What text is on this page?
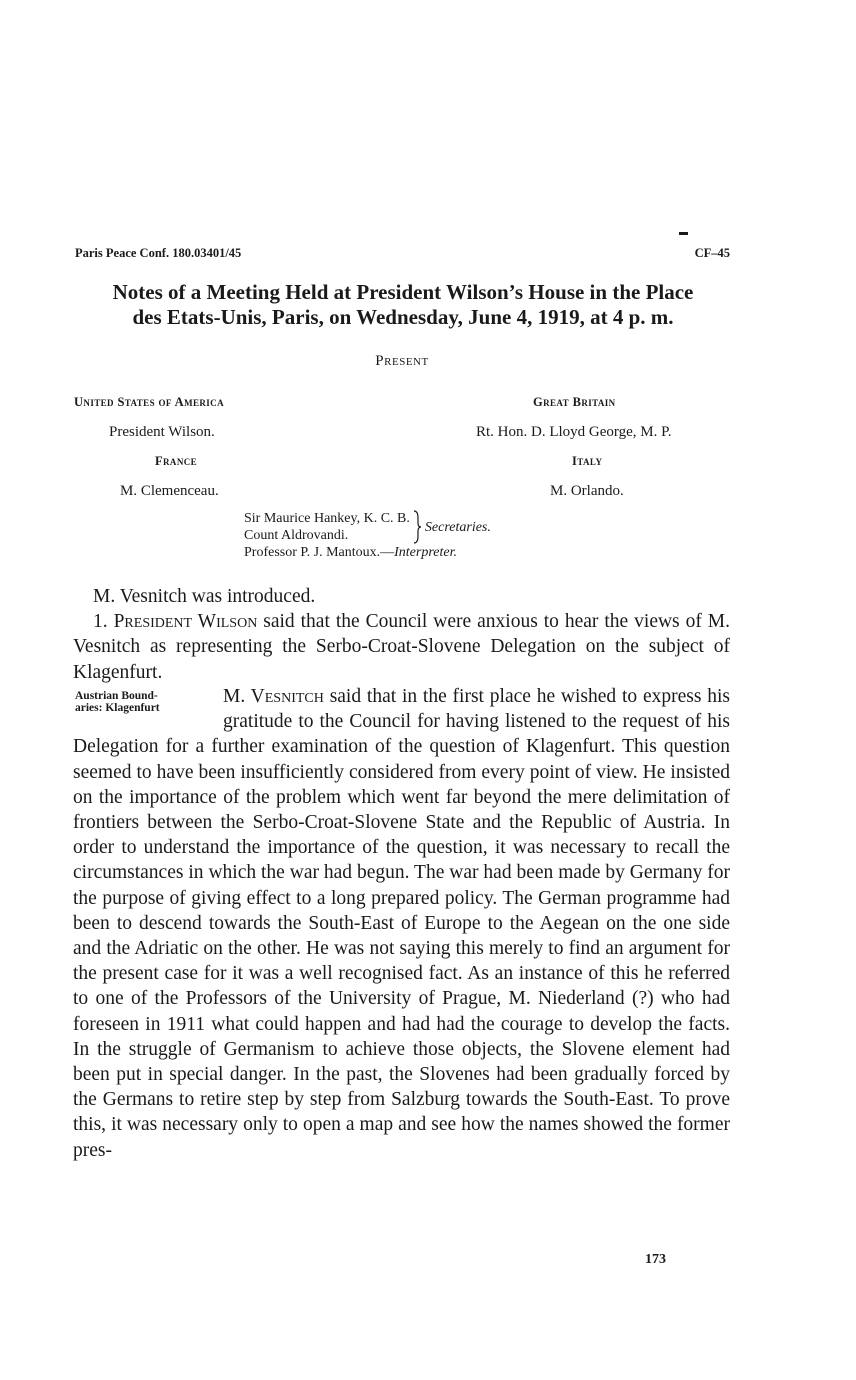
Paris Peace Conf. 180.03401/45	CF–45
Notes of a Meeting Held at President Wilson’s House in the Place
des Etats-Unis, Paris, on Wednesday, June 4, 1919, at 4 p. m.
Present
United States of America
President Wilson.
France
M. Clemenceau.
Great Britain
Rt. Hon. D. Lloyd George, M. P.
Italy
M. Orlando.
Sir Maurice Hankey, K. C. B.
Count Aldrovandi.
Secretaries.
Professor P. J. Mantoux.—Interpreter.

M. Vesnitch was introduced.

1. President Wilson said that the Council were anxious to hear the views of M. Vesnitch as representing the Serbo-Croat-Slovene Delegation on the subject of Klagenfurt.

Austrian Bound-
aries: Klagenfurt

M. Vesnitch said that in the first place he wished to express his gratitude to the Council for having listened to the request of his Delegation for a further examination of the question of Klagenfurt. This question seemed to have been insufficiently considered from every point of view. He insisted on the importance of the problem which went far beyond the mere delimitation of frontiers between the Serbo-Croat-Slovene State and the Republic of Austria. In order to understand the importance of the question, it was necessary to recall the circumstances in which the war had begun. The war had been made by Germany for the purpose of giving effect to a long prepared policy. The German programme had been to descend towards the South-East of Europe to the Aegean on the one side and the Adriatic on the other. He was not saying this merely to find an argument for the present case for it was a well recognised fact. As an instance of this he referred to one of the Professors of the University of Prague, M. Niederland (?) who had foreseen in 1911 what could happen and had had the courage to develop the facts. In the struggle of Germanism to achieve those objects, the Slovene element had been put in special danger. In the past, the Slovenes had been gradually forced by the Germans to retire step by step from Salzburg towards the South-East. To prove this, it was necessary only to open a map and see how the names showed the former pres-

173
